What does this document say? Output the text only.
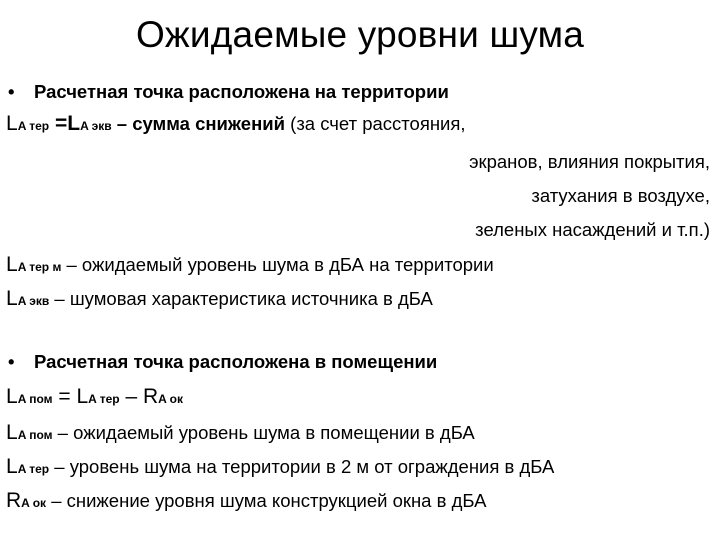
Ожидаемые уровни шума
• Расчетная точка расположена на территории
LA тер =LA экв – сумма снижений (за счет расстояния,
экранов, влияния покрытия,
затухания в воздухе,
зеленых насаждений и т.п.)
LA тер м – ожидаемый уровень шума в дБА на территории
LA экв – шумовая характеристика источника в дБА
• Расчетная точка расположена в помещении
LA пом = LA тер – RA ок
LA пом – ожидаемый уровень шума в помещении в дБА
LA тер – уровень шума на территории в 2 м от ограждения в дБА
RA ок – снижение уровня шума конструкцией окна в дБА
